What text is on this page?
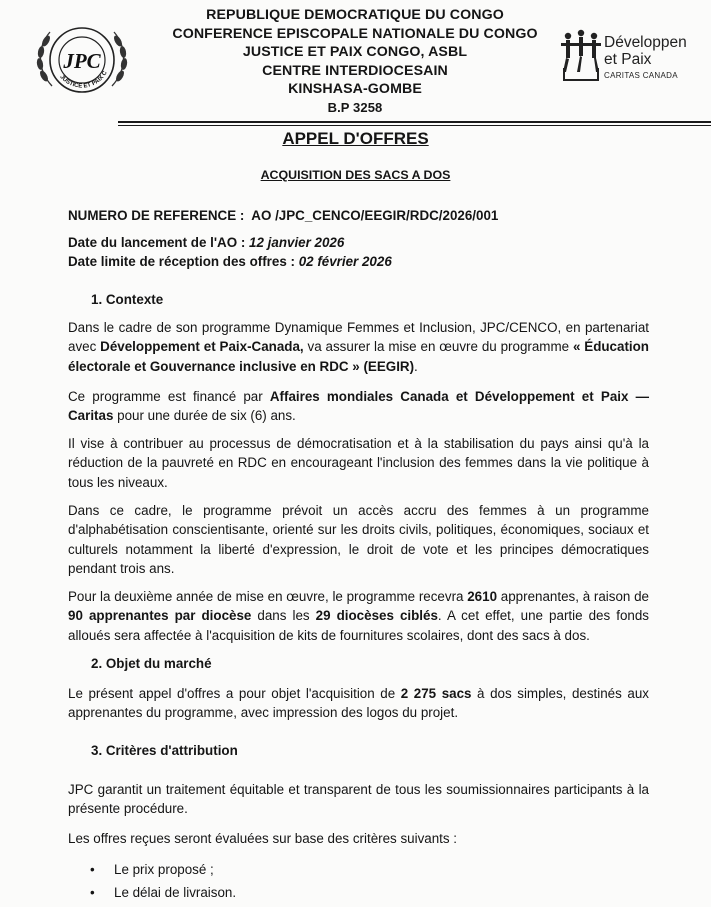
JPC
JUSTICE ET PAIX C
REPUBLIQUE DEMOCRATIQUE DU CONGO
CONFERENCE EPISCOPALE NATIONALE DU CONGO
JUSTICE ET PAIX CONGO, ASBL
CENTRE INTERDIOCESAIN
KINSHASA-GOMBE
B.P 3258
Développen
et Paix
CARITAS CANADA
APPEL D'OFFRES
ACQUISITION DES SACS A DOS
NUMERO DE REFERENCE : AO /JPC_CENCO/EEGIR/RDC/2026/001
Date du lancement de l'AO : 12 janvier 2026
Date limite de réception des offres : 02 février 2026
1. Contexte
Dans le cadre de son programme Dynamique Femmes et Inclusion, JPC/CENCO, en partenariat avec Développement et Paix-Canada, va assurer la mise en œuvre du programme « Éducation électorale et Gouvernance inclusive en RDC » (EEGIR).
Ce programme est financé par Affaires mondiales Canada et Développement et Paix — Caritas pour une durée de six (6) ans.
Il vise à contribuer au processus de démocratisation et à la stabilisation du pays ainsi qu'à la réduction de la pauvreté en RDC en encourageant l'inclusion des femmes dans la vie politique à tous les niveaux.
Dans ce cadre, le programme prévoit un accès accru des femmes à un programme d'alphabétisation conscientisante, orienté sur les droits civils, politiques, économiques, sociaux et culturels notamment la liberté d'expression, le droit de vote et les principes démocratiques pendant trois ans.
Pour la deuxième année de mise en œuvre, le programme recevra 2610 apprenantes, à raison de 90 apprenantes par diocèse dans les 29 diocèses ciblés. A cet effet, une partie des fonds alloués sera affectée à l'acquisition de kits de fournitures scolaires, dont des sacs à dos.
2. Objet du marché
Le présent appel d'offres a pour objet l'acquisition de 2 275 sacs à dos simples, destinés aux apprenantes du programme, avec impression des logos du projet.
3. Critères d'attribution
JPC garantit un traitement équitable et transparent de tous les soumissionnaires participants à la présente procédure.
Les offres reçues seront évaluées sur base des critères suivants :
• Le prix proposé ;
• Le délai de livraison.
